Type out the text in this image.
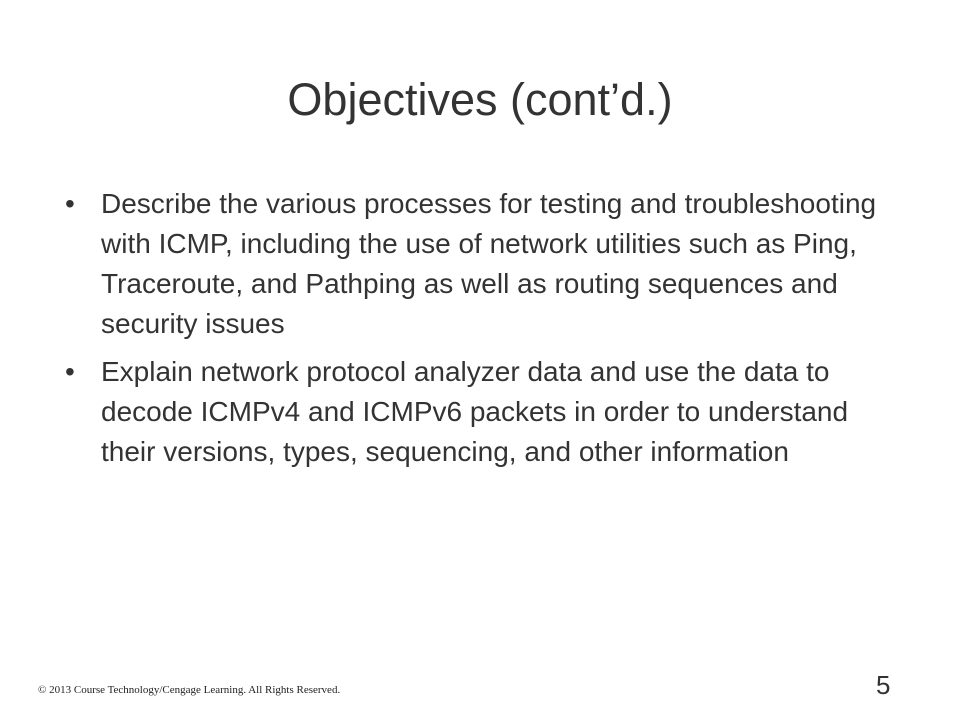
Objectives (cont’d.)
• Describe the various processes for testing and troubleshooting with ICMP, including the use of network utilities such as Ping, Traceroute, and Pathping as well as routing sequences and security issues
• Explain network protocol analyzer data and use the data to decode ICMPv4 and ICMPv6 packets in order to understand their versions, types, sequencing, and other information
© 2013 Course Technology/Cengage Learning. All Rights Reserved.	5
